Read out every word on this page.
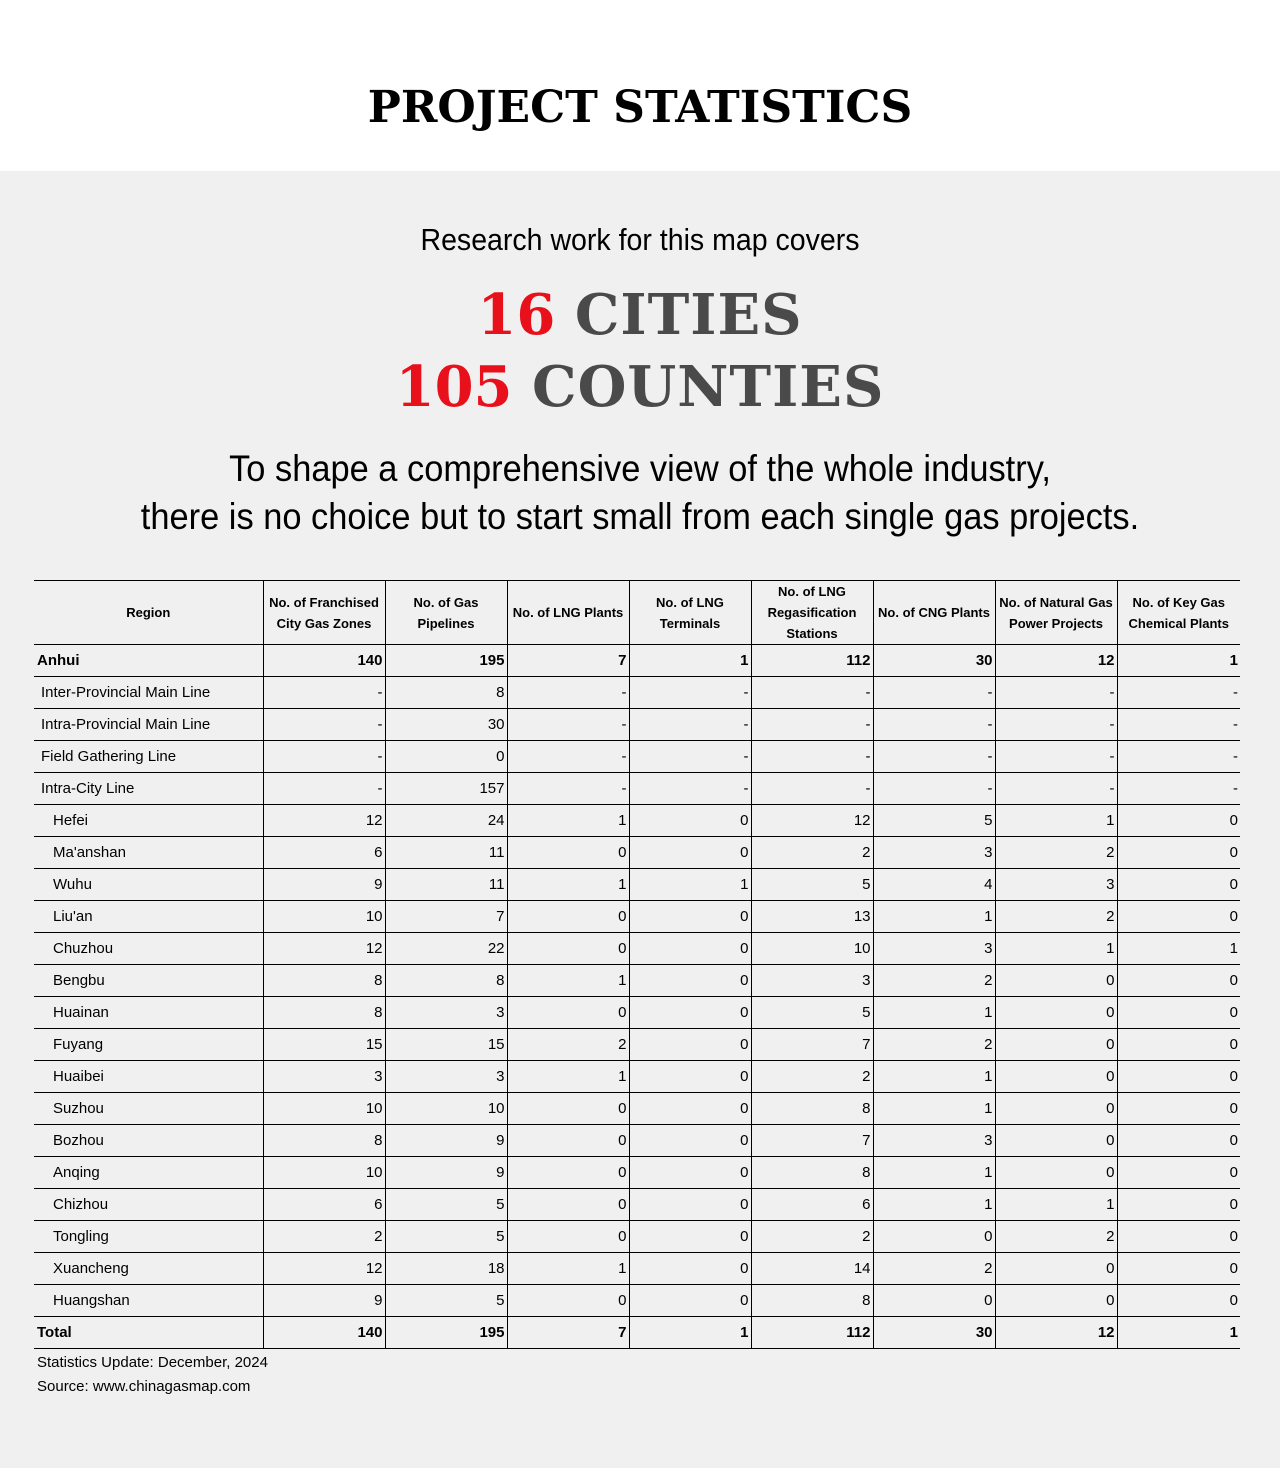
PROJECT STATISTICS
Research work for this map covers
16 CITIES
105 COUNTIES
To shape a comprehensive view of the whole industry,
there is no choice but to start small from each single gas projects.
Region	No. of Franchised City Gas Zones	No. of Gas Pipelines	No. of LNG Plants	No. of LNG Terminals	No. of LNG Regasification Stations	No. of CNG Plants	No. of Natural Gas Power Projects	No. of Key Gas Chemical Plants
Anhui	140	195	7	1	112	30	12	1
Inter-Provincial Main Line	-	8	-	-	-	-	-	-
Intra-Provincial Main Line	-	30	-	-	-	-	-	-
Field Gathering Line	-	0	-	-	-	-	-	-
Intra-City Line	-	157	-	-	-	-	-	-
Hefei	12	24	1	0	12	5	1	0
Ma'anshan	6	11	0	0	2	3	2	0
Wuhu	9	11	1	1	5	4	3	0
Liu'an	10	7	0	0	13	1	2	0
Chuzhou	12	22	0	0	10	3	1	1
Bengbu	8	8	1	0	3	2	0	0
Huainan	8	3	0	0	5	1	0	0
Fuyang	15	15	2	0	7	2	0	0
Huaibei	3	3	1	0	2	1	0	0
Suzhou	10	10	0	0	8	1	0	0
Bozhou	8	9	0	0	7	3	0	0
Anqing	10	9	0	0	8	1	0	0
Chizhou	6	5	0	0	6	1	1	0
Tongling	2	5	0	0	2	0	2	0
Xuancheng	12	18	1	0	14	2	0	0
Huangshan	9	5	0	0	8	0	0	0
Total	140	195	7	1	112	30	12	1
Statistics Update: December, 2024
Source: www.chinagasmap.com
